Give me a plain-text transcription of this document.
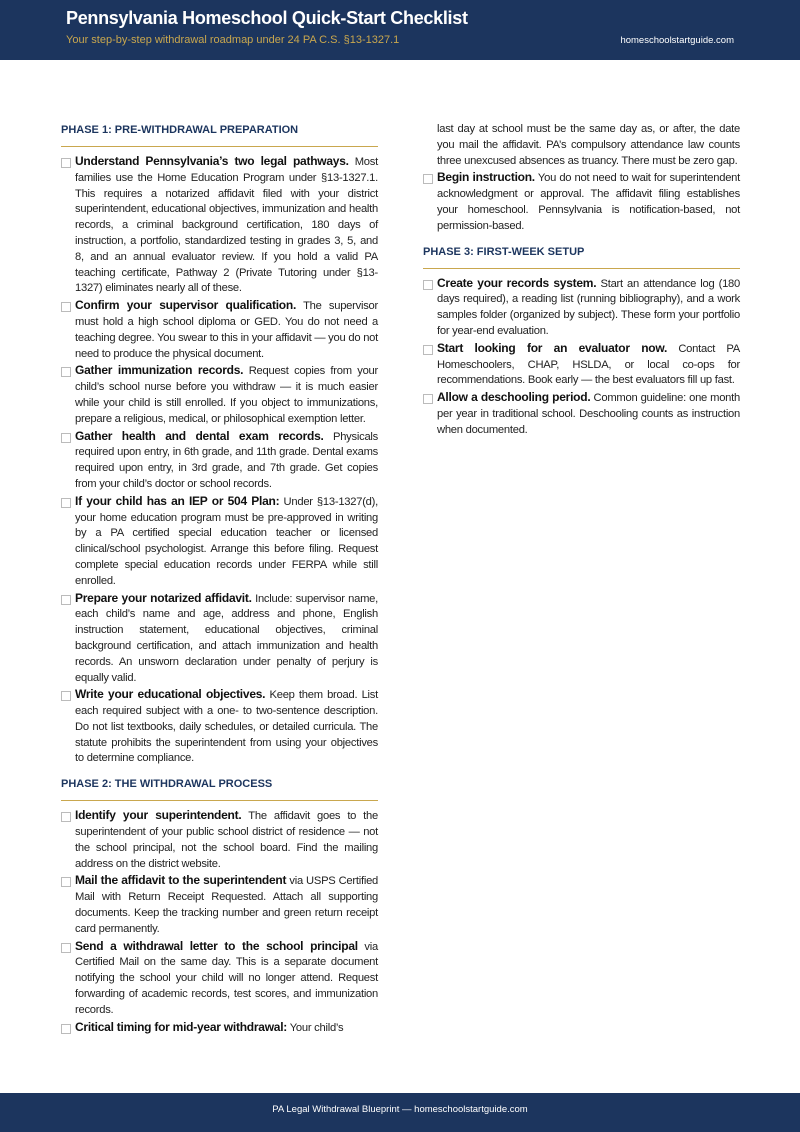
Pennsylvania Homeschool Quick-Start Checklist
Your step-by-step withdrawal roadmap under 24 PA C.S. §13-1327.1	homeschoolstartguide.com
PHASE 1: PRE-WITHDRAWAL PREPARATION
Understand Pennsylvania’s two legal pathways. Most families use the Home Education Program under §13-1327.1. This requires a notarized affidavit filed with your district superintendent, educational objectives, immunization and health records, a criminal background certification, 180 days of instruction, a portfolio, standardized testing in grades 3, 5, and 8, and an annual evaluator review. If you hold a valid PA teaching certificate, Pathway 2 (Private Tutoring under §13-1327) eliminates nearly all of these.
Confirm your supervisor qualification. The supervisor must hold a high school diploma or GED. You do not need a teaching degree. You swear to this in your affidavit — you do not need to produce the physical document.
Gather immunization records. Request copies from your child’s school nurse before you withdraw — it is much easier while your child is still enrolled. If you object to immunizations, prepare a religious, medical, or philosophical exemption letter.
Gather health and dental exam records. Physicals required upon entry, in 6th grade, and 11th grade. Dental exams required upon entry, in 3rd grade, and 7th grade. Get copies from your child’s doctor or school records.
If your child has an IEP or 504 Plan: Under §13-1327(d), your home education program must be pre-approved in writing by a PA certified special education teacher or licensed clinical/school psychologist. Arrange this before filing. Request complete special education records under FERPA while still enrolled.
Prepare your notarized affidavit. Include: supervisor name, each child’s name and age, address and phone, English instruction statement, educational objectives, criminal background certification, and attach immunization and health records. An unsworn declaration under penalty of perjury is equally valid.
Write your educational objectives. Keep them broad. List each required subject with a one- to two-sentence description. Do not list textbooks, daily schedules, or detailed curricula. The statute prohibits the superintendent from using your objectives to determine compliance.
PHASE 2: THE WITHDRAWAL PROCESS
Identify your superintendent. The affidavit goes to the superintendent of your public school district of residence — not the school principal, not the school board. Find the mailing address on the district website.
Mail the affidavit to the superintendent via USPS Certified Mail with Return Receipt Requested. Attach all supporting documents. Keep the tracking number and green return receipt card permanently.
Send a withdrawal letter to the school principal via Certified Mail on the same day. This is a separate document notifying the school your child will no longer attend. Request forwarding of academic records, test scores, and immunization records.
Critical timing for mid-year withdrawal: Your child’s
last day at school must be the same day as, or after, the date you mail the affidavit. PA’s compulsory attendance law counts three unexcused absences as truancy. There must be zero gap.
Begin instruction. You do not need to wait for superintendent acknowledgment or approval. The affidavit filing establishes your homeschool. Pennsylvania is notification-based, not permission-based.
PHASE 3: FIRST-WEEK SETUP
Create your records system. Start an attendance log (180 days required), a reading list (running bibliography), and a work samples folder (organized by subject). These form your portfolio for year-end evaluation.
Start looking for an evaluator now. Contact PA Homeschoolers, CHAP, HSLDA, or local co-ops for recommendations. Book early — the best evaluators fill up fast.
Allow a deschooling period. Common guideline: one month per year in traditional school. Deschooling counts as instruction when documented.
PA Legal Withdrawal Blueprint — homeschoolstartguide.com
